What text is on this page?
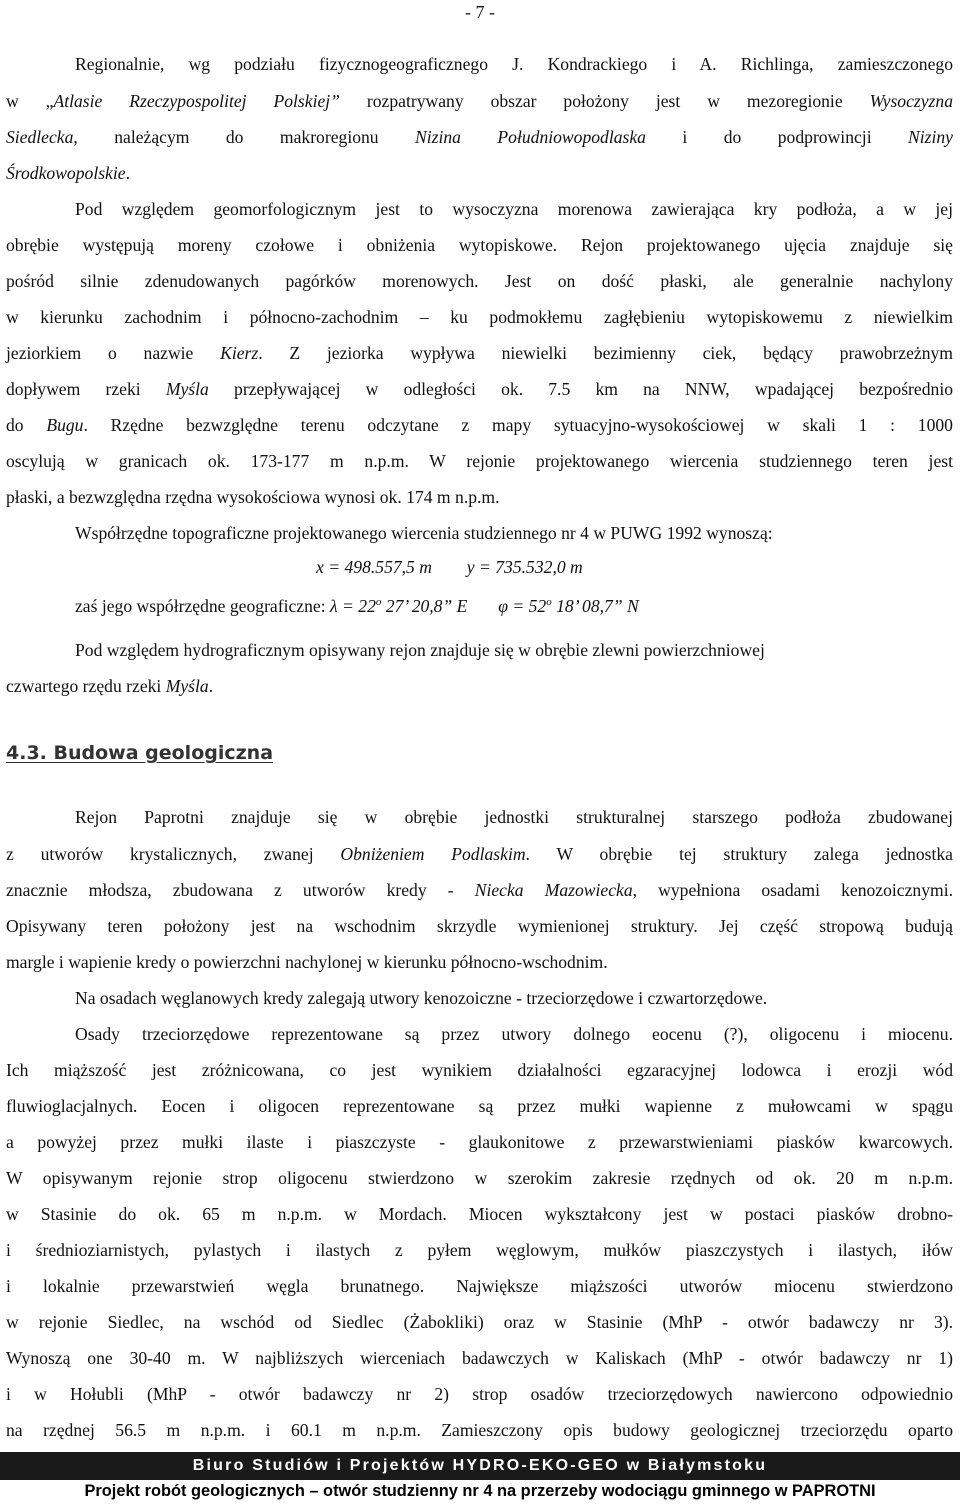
- 7 -
Regionalnie, wg podziału fizycznogeograficznego J. Kondrackiego i A. Richlinga, zamieszczonego
w „Atlasie Rzeczypospolitej Polskiej” rozpatrywany obszar położony jest w mezoregionie Wysoczyzna
Siedlecka, należącym do makroregionu Nizina Południowopodlaska i do podprowincji Niziny
Środkowopolskie.
Pod względem geomorfologicznym jest to wysoczyzna morenowa zawierająca kry podłoża, a w jej
obrębie występują moreny czołowe i obniżenia wytopiskowe. Rejon projektowanego ujęcia znajduje się
pośród silnie zdenudowanych pagórków morenowych. Jest on dość płaski, ale generalnie nachylony
w kierunku zachodnim i północno-zachodnim – ku podmokłemu zagłębieniu wytopiskowemu z niewielkim
jeziorkiem o nazwie Kierz. Z jeziorka wypływa niewielki bezimienny ciek, będący prawobrzeżnym
dopływem rzeki Myśla przepływającej w odległości ok. 7.5 km na NNW, wpadającej bezpośrednio
do Bugu. Rzędne bezwzględne terenu odczytane z mapy sytuacyjno-wysokościowej w skali 1 : 1000
oscylują w granicach ok. 173-177 m n.p.m. W rejonie projektowanego wiercenia studziennego teren jest
płaski, a bezwzględna rzędna wysokościowa wynosi ok. 174 m n.p.m.
Współrzędne topograficzne projektowanego wiercenia studziennego nr 4 w PUWG 1992 wynoszą:
Pod względem hydrograficznym opisywany rejon znajduje się w obrębie zlewni powierzchniowej
czwartego rzędu rzeki Myśla.
Rejon Paprotni znajduje się w obrębie jednostki strukturalnej starszego podłoża zbudowanej
z utworów krystalicznych, zwanej Obniżeniem Podlaskim. W obrębie tej struktury zalega jednostka
znacznie młodsza, zbudowana z utworów kredy - Niecka Mazowiecka, wypełniona osadami kenozoicznymi.
Opisywany teren położony jest na wschodnim skrzydle wymienionej struktury. Jej część stropową budują
margle i wapienie kredy o powierzchni nachylonej w kierunku północno-wschodnim.
Na osadach węglanowych kredy zalegają utwory kenozoiczne - trzeciorzędowe i czwartorzędowe.
Osady trzeciorzędowe reprezentowane są przez utwory dolnego eocenu (?), oligocenu i miocenu.
Ich miąższość jest zróżnicowana, co jest wynikiem działalności egzaracyjnej lodowca i erozji wód
fluwioglacjalnych. Eocen i oligocen reprezentowane są przez mułki wapienne z mułowcami w spągu
a powyżej przez mułki ilaste i piaszczyste - glaukonitowe z przewarstwieniami piasków kwarcowych.
W opisywanym rejonie strop oligocenu stwierdzono w szerokim zakresie rzędnych od ok. 20 m n.p.m.
w Stasinie do ok. 65 m n.p.m. w Mordach. Miocen wykształcony jest w postaci piasków drobno-
i średnioziarnistych, pylastych i ilastych z pyłem węglowym, mułków piaszczystych i ilastych, iłów
i lokalnie przewarstwień węgla brunatnego. Największe miąższości utworów miocenu stwierdzono
w rejonie Siedlec, na wschód od Siedlec (Żabokliki) oraz w Stasinie (MhP - otwór badawczy nr 3).
Wynoszą one 30-40 m. W najbliższych wierceniach badawczych w Kaliskach (MhP - otwór badawczy nr 1)
i w Hołubli (MhP - otwór badawczy nr 2) strop osadów trzeciorzędowych nawiercono odpowiednio
na rzędnej 56.5 m n.p.m. i 60.1 m n.p.m. Zamieszczony opis budowy geologicznej trzeciorzędu oparto
x = 498.557,5 m y = 735.532,0 m
zaś jego współrzędne geograficzne: $\lambda = 22^o$ 27’ 20,8” E $\varphi = 52^o$ 18’ 08,7” N
4.3. Budowa geologiczna
Biuro Studiów i Projektów HYDRO-EKO-GEO w Białymstoku
Projekt robót geologicznych – otwór studzienny nr 4 na przerzeby wodociągu gminnego w PAPROTNI
